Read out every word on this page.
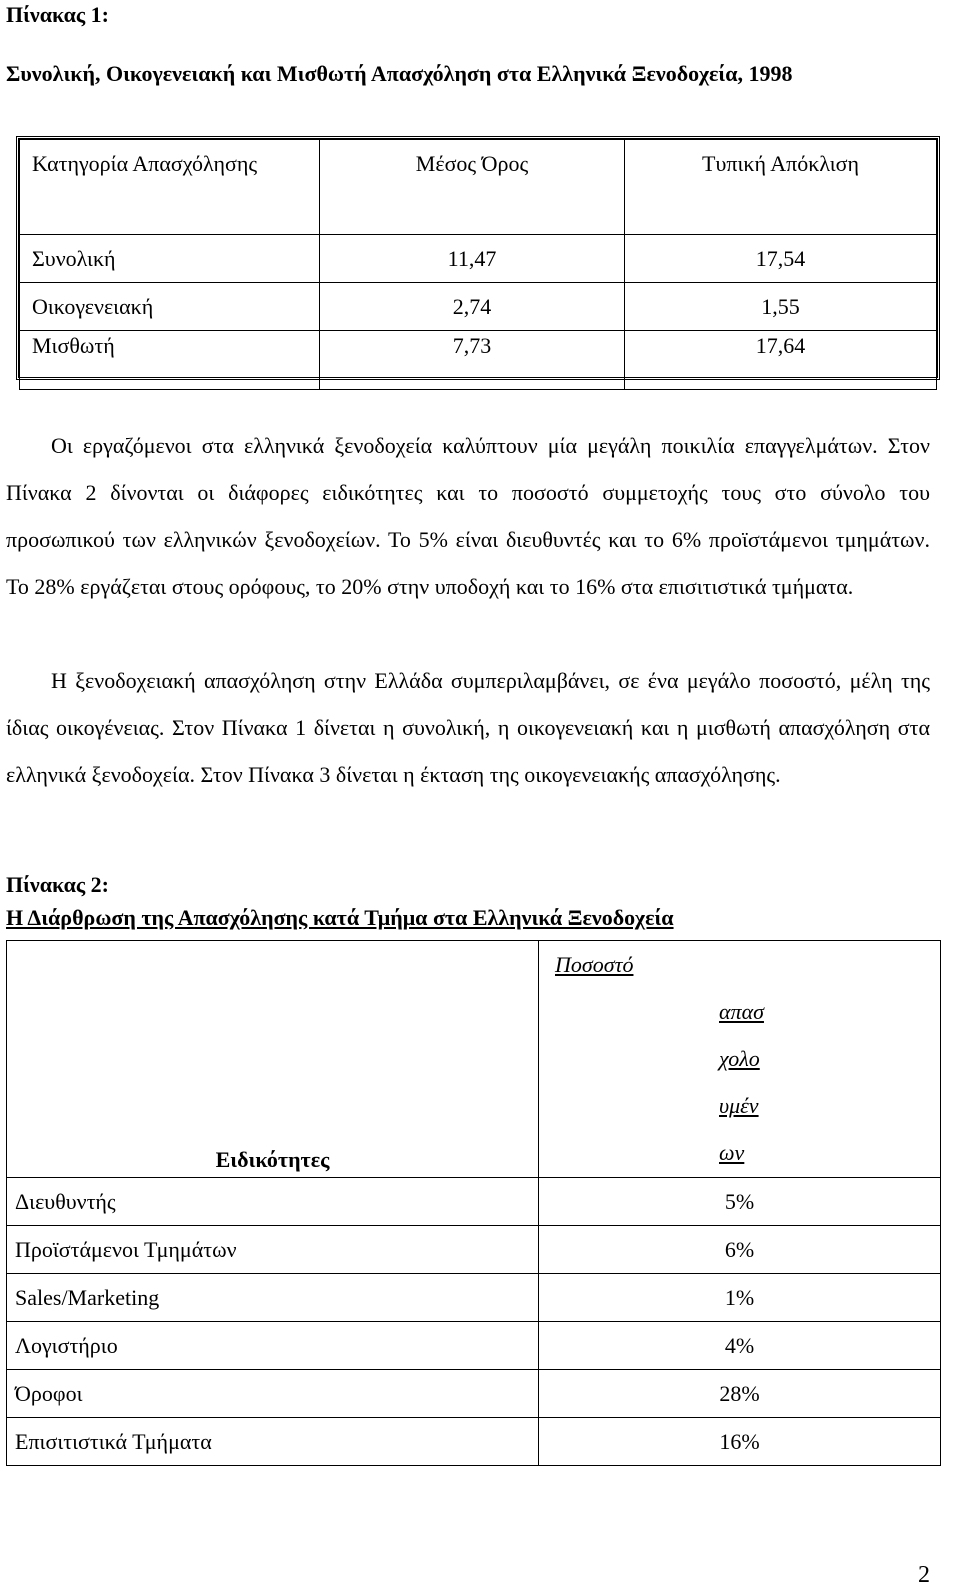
Πίνακας 1:
Συνολική, Οικογενειακή και Μισθωτή Απασχόληση στα Ελληνικά Ξενοδοχεία, 1998
Κατηγορία Απασχόλησης	Μέσος Όρος	Τυπική Απόκλιση
Συνολική	11,47	17,54
Οικογενειακή	2,74	1,55
Μισθωτή	7,73	17,64
Οι εργαζόμενοι στα ελληνικά ξενοδοχεία καλύπτουν μία μεγάλη ποικιλία επαγγελμάτων. Στον Πίνακα 2 δίνονται οι διάφορες ειδικότητες και το ποσοστό συμμετοχής τους στο σύνολο του προσωπικού των ελληνικών ξενοδοχείων. Το 5% είναι διευθυντές και το 6% προϊστάμενοι τμημάτων. Το 28% εργάζεται στους ορόφους, το 20% στην υποδοχή και το 16% στα επισιτιστικά τμήματα.
Η ξενοδοχειακή απασχόληση στην Ελλάδα συμπεριλαμβάνει, σε ένα μεγάλο ποσοστό, μέλη της ίδιας οικογένειας. Στον Πίνακα 1 δίνεται η συνολική, η οικογενειακή και η μισθωτή απασχόληση στα ελληνικά ξενοδοχεία. Στον Πίνακα 3 δίνεται η έκταση της οικογενειακής απασχόλησης.
Πίνακας 2:
Η Διάρθρωση της Απασχόλησης κατά Τμήμα στα Ελληνικά Ξενοδοχεία
Ειδικότητες	Ποσοστό
απασ
χολο
υμέν
ων

Διευθυντής	5%
Προϊστάμενοι Τμημάτων	6%
Sales/Marketing	1%
Λογιστήριο	4%
Όροφοι	28%
Επισιτιστικά Τμήματα	16%
2
